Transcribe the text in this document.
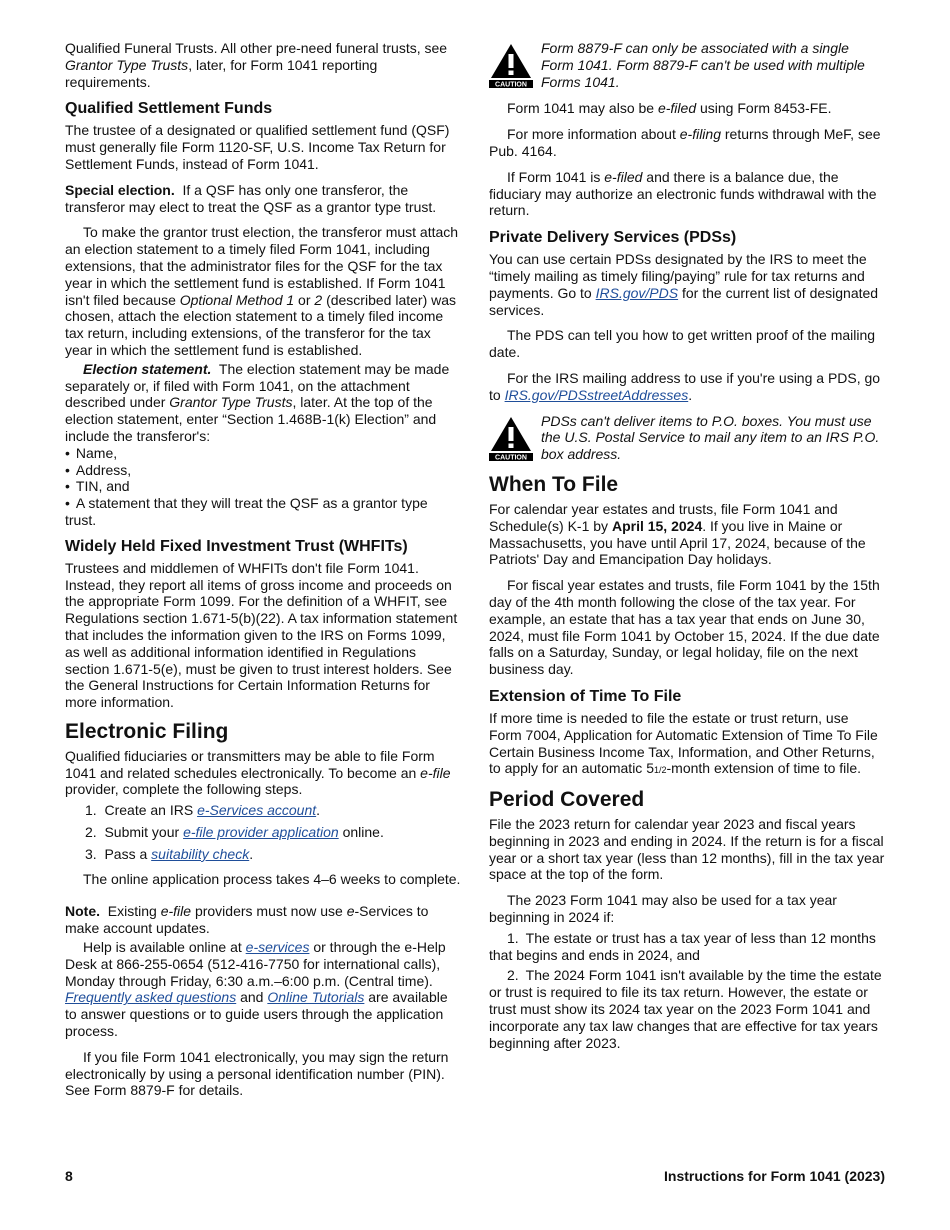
Qualified Funeral Trusts. All other pre-need funeral trusts, see Grantor Type Trusts, later, for Form 1041 reporting requirements.

Qualified Settlement Funds

The trustee of a designated or qualified settlement fund (QSF) must generally file Form 1120-SF, U.S. Income Tax Return for Settlement Funds, instead of Form 1041.

Special election. If a QSF has only one transferor, the transferor may elect to treat the QSF as a grantor type trust.

To make the grantor trust election, the transferor must attach an election statement to a timely filed Form 1041, including extensions, that the administrator files for the QSF for the tax year in which the settlement fund is established. If Form 1041 isn't filed because Optional Method 1 or 2 (described later) was chosen, attach the election statement to a timely filed income tax return, including extensions, of the transferor for the tax year in which the settlement fund is established.

Election statement. The election statement may be made separately or, if filed with Form 1041, on the attachment described under Grantor Type Trusts, later. At the top of the election statement, enter “Section 1.468B-1(k) Election” and include the transferor's:

• Name,
• Address,
• TIN, and
• A statement that they will treat the QSF as a grantor type trust.
Widely Held Fixed Investment Trust (WHFITs)

Trustees and middlemen of WHFITs don't file Form 1041. Instead, they report all items of gross income and proceeds on the appropriate Form 1099. For the definition of a WHFIT, see Regulations section 1.671-5(b)(22). A tax information statement that includes the information given to the IRS on Forms 1099, as well as additional information identified in Regulations section 1.671-5(e), must be given to trust interest holders. See the General Instructions for Certain Information Returns for more information.

Electronic Filing

Qualified fiduciaries or transmitters may be able to file Form 1041 and related schedules electronically. To become an e-file provider, complete the following steps.

1. Create an IRS e-Services account.
2. Submit your e-file provider application online.
3. Pass a suitability check.

The online application process takes 4–6 weeks to complete.

Note. Existing e-file providers must now use e-Services to make account updates.

Help is available online at e-services or through the e-Help Desk at 866-255-0654 (512-416-7750 for international calls), Monday through Friday, 6:30 a.m.–6:00 p.m. (Central time). Frequently asked questions and Online Tutorials are available to answer questions or to guide users through the application process.

If you file Form 1041 electronically, you may sign the return electronically by using a personal identification number (PIN). See Form 8879-F for details.

CAUTION
Form 8879-F can only be associated with a single Form 1041. Form 8879-F can't be used with multiple Forms 1041.

Form 1041 may also be e-filed using Form 8453-FE.

For more information about e-filing returns through MeF, see Pub. 4164.

If Form 1041 is e-filed and there is a balance due, the fiduciary may authorize an electronic funds withdrawal with the return.

Private Delivery Services (PDSs)

You can use certain PDSs designated by the IRS to meet the “timely mailing as timely filing/paying” rule for tax returns and payments. Go to IRS.gov/PDS for the current list of designated services.

The PDS can tell you how to get written proof of the mailing date.

For the IRS mailing address to use if you're using a PDS, go to IRS.gov/PDSstreetAddresses.

CAUTION
PDSs can't deliver items to P.O. boxes. You must use the U.S. Postal Service to mail any item to an IRS P.O. box address.
When To File

For calendar year estates and trusts, file Form 1041 and Schedule(s) K-1 by April 15, 2024. If you live in Maine or Massachusetts, you have until April 17, 2024, because of the Patriots' Day and Emancipation Day holidays.

For fiscal year estates and trusts, file Form 1041 by the 15th day of the 4th month following the close of the tax year. For example, an estate that has a tax year that ends on June 30, 2024, must file Form 1041 by October 15, 2024. If the due date falls on a Saturday, Sunday, or legal holiday, file on the next business day.

Extension of Time To File

If more time is needed to file the estate or trust return, use Form 7004, Application for Automatic Extension of Time To File Certain Business Income Tax, Information, and Other Returns, to apply for an automatic 51/2-month extension of time to file.

Period Covered

File the 2023 return for calendar year 2023 and fiscal years beginning in 2023 and ending in 2024. If the return is for a fiscal year or a short tax year (less than 12 months), fill in the tax year space at the top of the form.

The 2023 Form 1041 may also be used for a tax year beginning in 2024 if:

1. The estate or trust has a tax year of less than 12 months that begins and ends in 2024, and

2. The 2024 Form 1041 isn't available by the time the estate or trust is required to file its tax return. However, the estate or trust must show its 2024 tax year on the 2023 Form 1041 and incorporate any tax law changes that are effective for tax years beginning after 2023.

8	Instructions for Form 1041 (2023)
